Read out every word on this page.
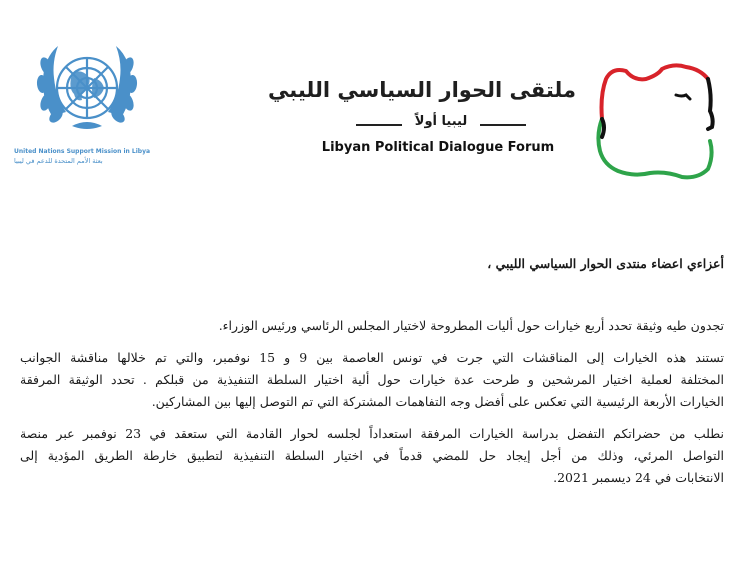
United Nations Support Mission in Libya
بعثة الأمم المتحدة للدعم في ليبيا
ملتقى الحوار السياسي الليبي
ليبيا أولاً
Libyan Political Dialogue Forum
أعزاءي اعضاء منتدى الحوار السياسي الليبي ،

تجدون طيه وثيقة تحدد أربع خيارات حول أليات المطروحة لاختيار المجلس الرئاسي ورئيس الوزراء.

تستند هذه الخيارات إلى المناقشات التي جرت في تونس العاصمة بين 9 و 15 نوفمبر، والتي تم خلالها مناقشة الجوانب
المختلفة لعملية اختيار المرشحين و طرحت عدة خيارات حول ألية اختيار السلطة التنفيذية من قبلكم . تحدد الوثيقة المرفقة
الخيارات الأربعة الرئيسية التي تعكس على أفضل وجه التفاهمات المشتركة التي تم التوصل إليها بين المشاركين.

نطلب من حضراتكم التفضل بدراسة الخيارات المرفقة استعداداً لجلسه لحوار القادمة التي ستعقد في 23 نوفمبر عبر منصة
التواصل المرئي، وذلك من أجل إيجاد حل للمضي قدماً في اختيار السلطة التنفيذية لتطبيق خارطة الطريق المؤدية إلى
الانتخابات في 24 ديسمبر 2021.
